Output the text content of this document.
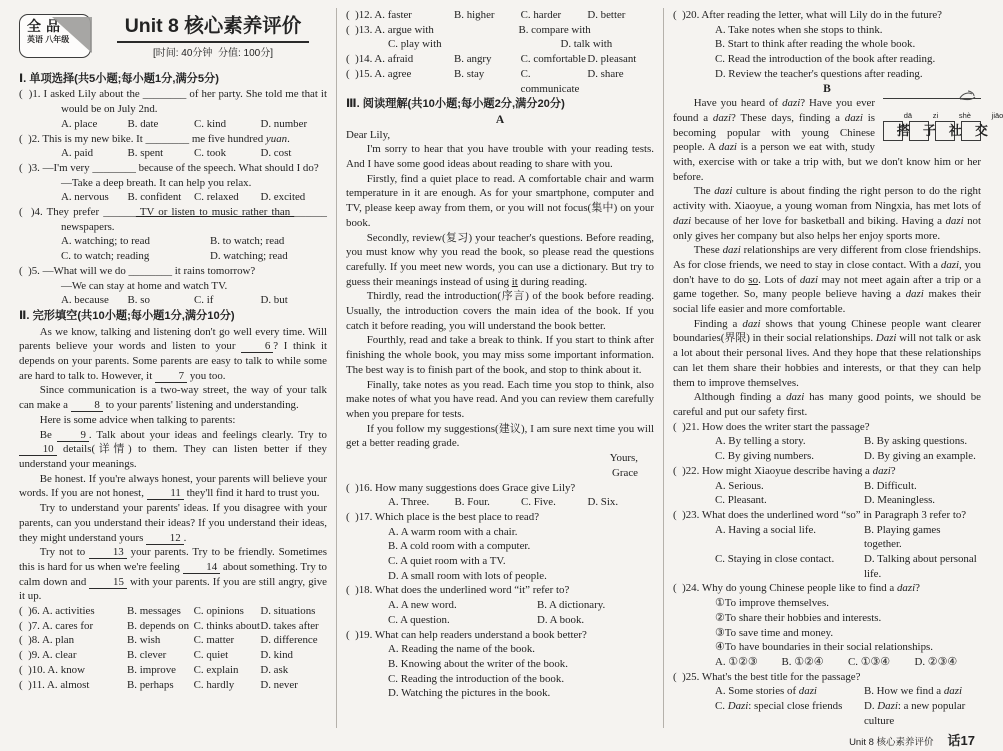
全品
英语 八年级
Unit 8 核心素养评价
[时间: 40分钟  分值: 100分]
Ⅰ. 单项选择(共5小题;每小题1分,满分5分)
(  )1. I asked Lily about the ________ of her party. She told me that it would be on July 2nd.
A. place	B. date	C. kind	D. number
(  )2. This is my new bike. It ________ me five hundred yuan.
A. paid	B. spent	C. took	D. cost
(  )3. —I'm very ________ because of the speech. What should I do?
—Take a deep breath. It can help you relax.
A. nervous	B. confident	C. relaxed	D. excited
(  )4. They prefer ______ TV or listen to music rather than ______ newspapers.
A. watching; to read	B. to watch; read
C. to watch; reading	D. watching; read
(  )5. —What will we do ________ it rains tomorrow?
—We can stay at home and watch TV.
A. because	B. so	C. if	D. but
Ⅱ. 完形填空(共10小题;每小题1分,满分10分)
As we know, talking and listening don't go well every time. Will parents believe your words and listen to your 6 ? I think it depends on your parents. Some parents are easy to talk to while some are hard to talk to. However, it 7 you too.
Since communication is a two-way street, the way of your talk can make a 8 to your parents' listening and understanding.
Here is some advice when talking to parents:
Be 9 . Talk about your ideas and feelings clearly. Try to 10 details(详情) to them. They can listen better if they understand your meanings.
Be honest. If you're always honest, your parents will believe your words. If you are not honest, 11 they'll find it hard to trust you.
Try to understand your parents' ideas. If you disagree with your parents, can you understand their ideas? If you understand their ideas, they might understand yours 12 .
Try not to 13 your parents. Try to be friendly. Sometimes this is hard for us when we're feeling 14 about something. Try to calm down and 15 with your parents. If you are still angry, give it up.
(  )6. A. activities	B. messages	C. opinions	D. situations
(  )7. A. cares for	B. depends on C. thinks about D. takes after
(  )8. A. plan	B. wish	C. matter	D. difference
(  )9. A. clear	B. clever	C. quiet	D. kind
(  )10. A. know	B. improve	C. explain	D. ask
(  )11. A. almost	B. perhaps	C. hardly	D. never
(  )12. A. faster	B. higher	C. harder	D. better
(  )13. A. argue with	B. compare with
C. play with	D. talk with
(  )14. A. afraid	B. angry	C. comfortable D. pleasant
(  )15. A. agree	B. stay	C. communicate
D. share
Ⅲ. 阅读理解(共10小题;每小题2分,满分20分)
A
Dear Lily,
I'm sorry to hear that you have trouble with your reading tests. And I have some good ideas about reading to share with you.
Firstly, find a quiet place to read. A comfortable chair and warm temperature in it are enough. As for your smartphone, computer and TV, please keep away from them, or you will not focus(集中) on your book.
Secondly, review(复习) your teacher's questions. Before reading, you must know why you read the book, so please read the questions carefully. If you meet new words, you can use a dictionary. But try to guess their meanings instead of using it during reading.
Thirdly, read the introduction(序言) of the book before reading. Usually, the introduction covers the main idea of the book. If you catch it before reading, you will understand the book better.
Fourthly, read and take a break to think. If you start to think after finishing the whole book, you may miss some important information. The best way is to finish part of the book, and stop to think about it.
Finally, take notes as you read. Each time you stop to think, also make notes of what you have read. And you can review them carefully when you prepare for tests.
If you follow my suggestions(建议), I am sure next time you will get a better reading grade.
Yours,
Grace
(  )16. How many suggestions does Grace give Lily?
A. Three.	B. Four.	C. Five.	D. Six.
(  )17. Which place is the best place to read?
A. A warm room with a chair.
B. A cold room with a computer.
C. A quiet room with a TV.
D. A small room with lots of people.
(  )18. What does the underlined word “it” refer to?
A. A new word.	B. A dictionary.
C. A question.	D. A book.
(  )19. What can help readers understand a book better?
A. Reading the name of the book.
B. Knowing about the writer of the book.
C. Reading the introduction of the book.
D. Watching the pictures in the book.
(  )20. After reading the letter, what will Lily do in the future?
A. Take notes when she stops to think.
B. Start to think after reading the whole book.
C. Read the introduction of the book after reading.
D. Review the teacher's questions after reading.
B
dā	zi	shè	jiāo
搭 子 社 交
Have you heard of dazi? Have you ever found a dazi? These days, finding a dazi is becoming popular with young Chinese people. A dazi is a person we eat with, study with, exercise with or take a trip with, but we don't know him or her before.
The dazi culture is about finding the right person to do the right activity with. Xiaoyue, a young woman from Ningxia, has met lots of dazi because of her love for basketball and biking. Having a dazi not only gives her company but also helps her enjoy sports more.
These dazi relationships are very different from close friendships. As for close friends, we need to stay in close contact. With a dazi, you don't have to do so. Lots of dazi may not meet again after a trip or a game together. So, many people believe having a dazi makes their social life easier and more comfortable.
Finding a dazi shows that young Chinese people want clearer boundaries(界限) in their social relationships. Dazi will not talk or ask a lot about their personal lives. And they hope that these relationships can let them share their hobbies and interests, or that they can help them to improve themselves.
Although finding a dazi has many good points, we should be careful and put our safety first.
(  )21. How does the writer start the passage?
A. By telling a story.	B. By asking questions.
C. By giving numbers.	D. By giving an example.
(  )22. How might Xiaoyue describe having a dazi?
A. Serious.	B. Difficult.
C. Pleasant.	D. Meaningless.
(  )23. What does the underlined word “so” in Paragraph 3 refer to?
A. Having a social life.	B. Playing games together.
C. Staying in close contact.	D. Talking about personal life.
(  )24. Why do young Chinese people like to find a dazi?
①To improve themselves.
②To share their hobbies and interests.
③To save time and money.
④To have boundaries in their social relationships.
A. ①②③	B. ①②④	C. ①③④	D. ②③④
(  )25. What's the best title for the passage?
A. Some stories of dazi	B. How we find a dazi
C. Dazi: special close friends	D. Dazi: a new popular culture
Unit 8 核心素养评价 话17
